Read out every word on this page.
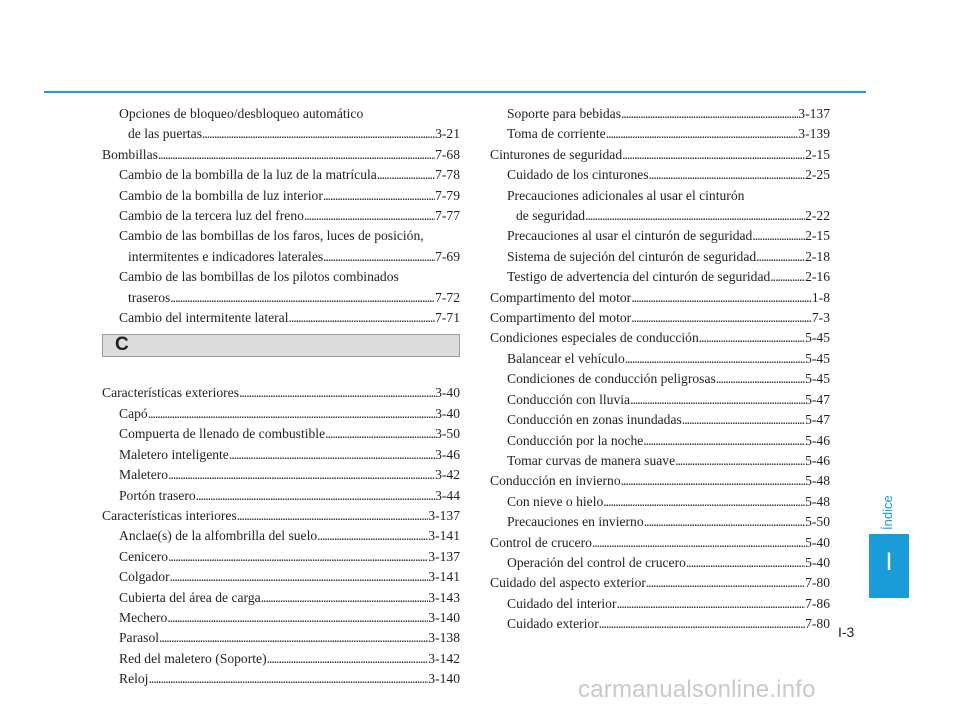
Opciones de bloqueo/desbloqueo automático
de las puertas . . .	3-21
Bombillas . . .	7-68
Cambio de la bombilla de la luz de la matrícula . . .	7-78
Cambio de la bombilla de luz interior . . .	7-79
Cambio de la tercera luz del freno . . .	7-77
Cambio de las bombillas de los faros, luces de posición,
intermitentes e indicadores laterales . . .	7-69
Cambio de las bombillas de los pilotos combinados
traseros . . .	7-72
Cambio del intermitente lateral . . .	7-71
C
Características exteriores . . .	3-40
Capó . . .	3-40
Compuerta de llenado de combustible . . .	3-50
Maletero inteligente . . .	3-46
Maletero . . .	3-42
Portón trasero . . .	3-44
Características interiores . . .	3-137
Anclae(s) de la alfombrilla del suelo . . .	3-141
Cenicero . . .	3-137
Colgador . . .	3-141
Cubierta del área de carga . . .	3-143
Mechero . . .	3-140
Parasol . . .	3-138
Red del maletero (Soporte) . . .	3-142
Reloj . . .	3-140
Soporte para bebidas . . .	3-137
Toma de corriente . . .	3-139
Cinturones de seguridad . . .	2-15
Cuidado de los cinturones . . .	2-25
Precauciones adicionales al usar el cinturón
de seguridad . . .	2-22
Precauciones al usar el cinturón de seguridad . . .	2-15
Sistema de sujeción del cinturón de seguridad . . .	2-18
Testigo de advertencia del cinturón de seguridad . . .	2-16
Compartimento del motor . . .	1-8
Compartimento del motor . . .	7-3
Condiciones especiales de conducción . . .	5-45
Balancear el vehículo . . .	5-45
Condiciones de conducción peligrosas . . .	5-45
Conducción con lluvia . . .	5-47
Conducción en zonas inundadas . . .	5-47
Conducción por la noche . . .	5-46
Tomar curvas de manera suave . . .	5-46
Conducción en invierno . . .	5-48
Con nieve o hielo . . .	5-48
Precauciones en invierno . . .	5-50
Control de crucero . . .	5-40
Operación del control de crucero . . .	5-40
Cuidado del aspecto exterior . . .	7-80
Cuidado del interior . . .	7-86
Cuidado exterior . . .	7-80
Índice
I
I-3
carmanualsonline.info
